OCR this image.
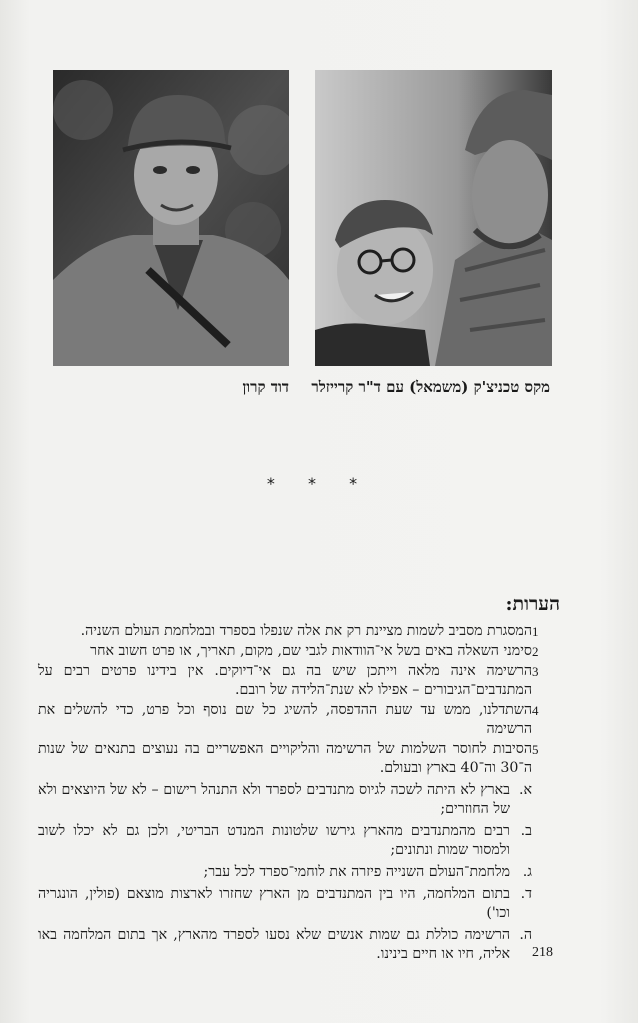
דוד קרון מקס טכניצ'ק (משמאל) עם ד"ר קרייזלר
* * *
הערות:
1
המסגרת מסביב לשמות מציינת רק את אלה שנפלו בספרד ובמלחמת העולם השניה.
2
סימני השאלה באים בשל אי־הוודאות לגבי שם, מקום, תאריך, או פרט חשוב אחר
3
הרשימה אינה מלאה וייתכן שיש בה גם אי־דיוקים. אין בידינו פרטים רבים על המתנדבים־הגיבורים – אפילו לא שנת־הלידה של רובם.
4
השתדלנו, ממש עד שעת ההדפסה, להשיג כל שם נוסף וכל פרט, כדי להשלים את הרשימה
5
הסיבות לחוסר השלמות של הרשימה והליקויים האפשריים בה נעוצים בתנאים של שנות ה־30 וה־40 בארץ ובעולם.
א.
בארץ לא היתה לשכה לגיוס מתנדבים לספרד ולא התנהל רישום – לא של היוצאים ולא של החוזרים;
ב.
רבים מהמתנדבים מהארץ גירשו שלטונות המנדט הבריטי, ולכן גם לא יכלו לשוב ולמסור שמות ונתונים;
ג.
מלחמת־העולם השנייה פיזרה את לוחמי־ספרד לכל עבר;
ד.
בתום המלחמה, היו בין המתנדבים מן הארץ שחזרו לארצות מוצאם (פולין, הונגריה וכו')
ה.
הרשימה כוללת גם שמות אנשים שלא נסעו לספרד מהארץ, אך בתום המלחמה באו אליה, חיו או חיים בינינו. 218
